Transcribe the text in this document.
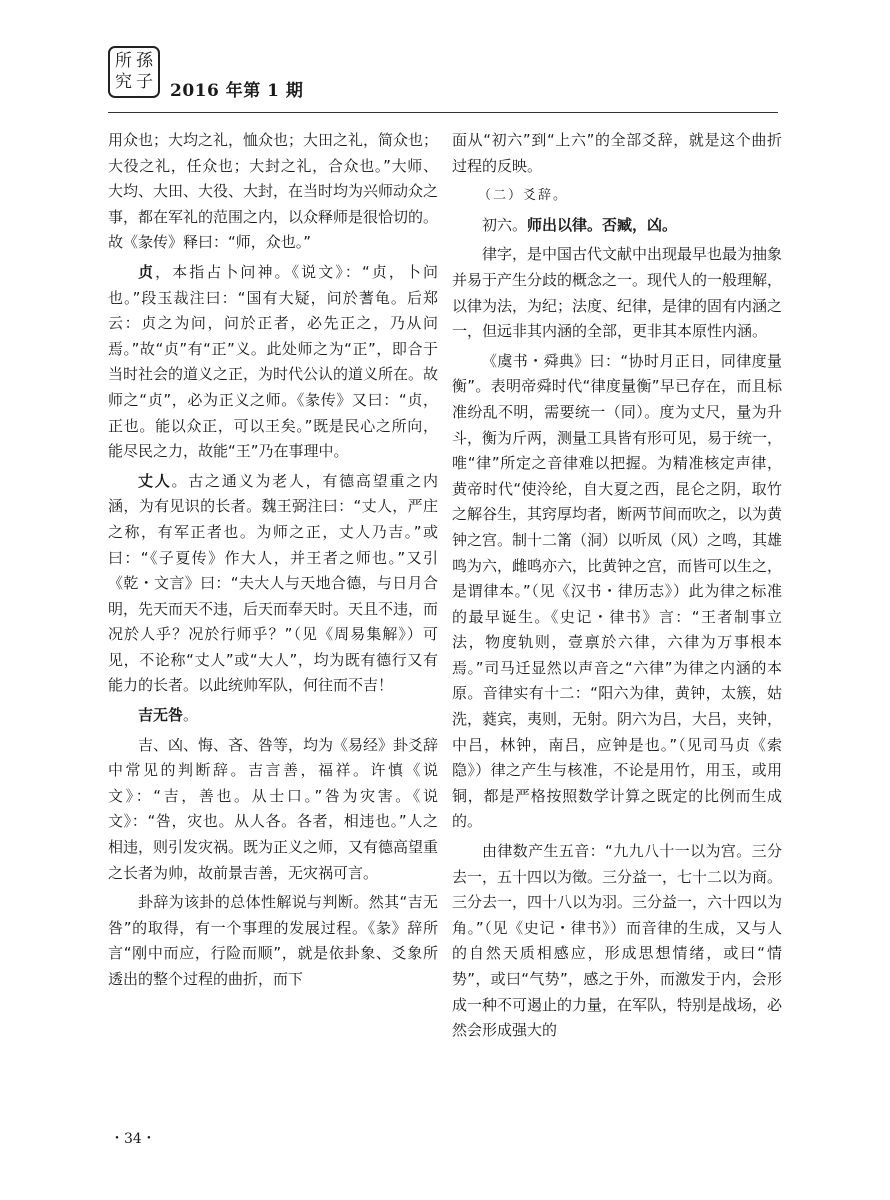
所 孫
究 子 2016 年第 1 期

用众也；大均之礼，恤众也；大田之礼，简众也；大役之礼，任众也；大封之礼，合众也。”大师、大均、大田、大役、大封，在当时均为兴师动众之事，都在军礼的范围之内，以众释师是很恰切的。故《彖传》释曰：“师，众也。”

贞，本指占卜问神。《说文》：“贞，卜问也。”段玉裁注曰：“国有大疑，问於蓍龟。后郑云：贞之为问，问於正者，必先正之，乃从问焉。”故“贞”有“正”义。此处师之为“正”，即合于当时社会的道义之正，为时代公认的道义所在。故师之“贞”，必为正义之师。《彖传》又曰：“贞，正也。能以众正，可以王矣。”既是民心之所向，能尽民之力，故能“王”乃在事理中。

丈人。古之通义为老人，有德高望重之内涵，为有见识的长者。魏王弼注曰：“丈人，严庄之称，有军正者也。为师之正，丈人乃吉。”或曰：“《子夏传》作大人，并王者之师也。”又引《乾・文言》曰：“夫大人与天地合德，与日月合明，先天而天不违，后天而奉天时。天且不违，而况於人乎？况於行师乎？”（见《周易集解》）可见，不论称“丈人”或“大人”，均为既有德行又有能力的长者。以此统帅军队，何往而不吉！

吉无咎。

吉、凶、悔、吝、咎等，均为《易经》卦爻辞中常见的判断辞。吉言善，福祥。许慎《说文》：“吉，善也。从士口。”咎为灾害。《说文》：“咎，灾也。从人各。各者，相违也。”人之相违，则引发灾祸。既为正义之师，又有德高望重之长者为帅，故前景吉善，无灾祸可言。

卦辞为该卦的总体性解说与判断。然其“吉无咎”的取得，有一个事理的发展过程。《彖》辞所言“刚中而应，行险而顺”，就是依卦象、爻象所透出的整个过程的曲折，而下

面从“初六”到“上六”的全部爻辞，就是这个曲折过程的反映。

（二）爻辞。

初六。师出以律。否臧，凶。

律字，是中国古代文献中出现最早也最为抽象并易于产生分歧的概念之一。现代人的一般理解，以律为法，为纪；法度、纪律，是律的固有内涵之一，但远非其内涵的全部，更非其本原性内涵。

《虞书・舜典》曰：“协时月正日，同律度量衡”。表明帝舜时代“律度量衡”早已存在，而且标准纷乱不明，需要统一（同）。度为丈尺，量为升斗，衡为斤两，测量工具皆有形可见，易于统一，唯“律”所定之音律难以把握。为精准核定声律，黄帝时代“使泠纶，自大夏之西，昆仑之阴，取竹之解谷生，其窍厚均者，断两节间而吹之，以为黄钟之宫。制十二筩（洞）以听凤（风）之鸣，其雄鸣为六，雌鸣亦六，比黄钟之宫，而皆可以生之，是谓律本。”（见《汉书・律历志》）此为律之标准的最早诞生。《史记・律书》言：“王者制事立法，物度轨则，壹禀於六律，六律为万事根本焉。”司马迁显然以声音之“六律”为律之内涵的本原。音律实有十二：“阳六为律，黄钟，太簇，姑洗，蕤宾，夷则，无射。阴六为吕，大吕，夹钟，中吕，林钟，南吕，应钟是也。”（见司马贞《索隐》）律之产生与核准，不论是用竹，用玉，或用铜，都是严格按照数学计算之既定的比例而生成的。

由律数产生五音：“九九八十一以为宫。三分去一，五十四以为徵。三分益一，七十二以为商。三分去一，四十八以为羽。三分益一，六十四以为角。”（见《史记・律书》）而音律的生成，又与人的自然天质相感应，形成思想情绪，或曰“情势”，或曰“气势”，感之于外，而激发于内，会形成一种不可遏止的力量，在军队，特别是战场，必然会形成强大的

・34・
